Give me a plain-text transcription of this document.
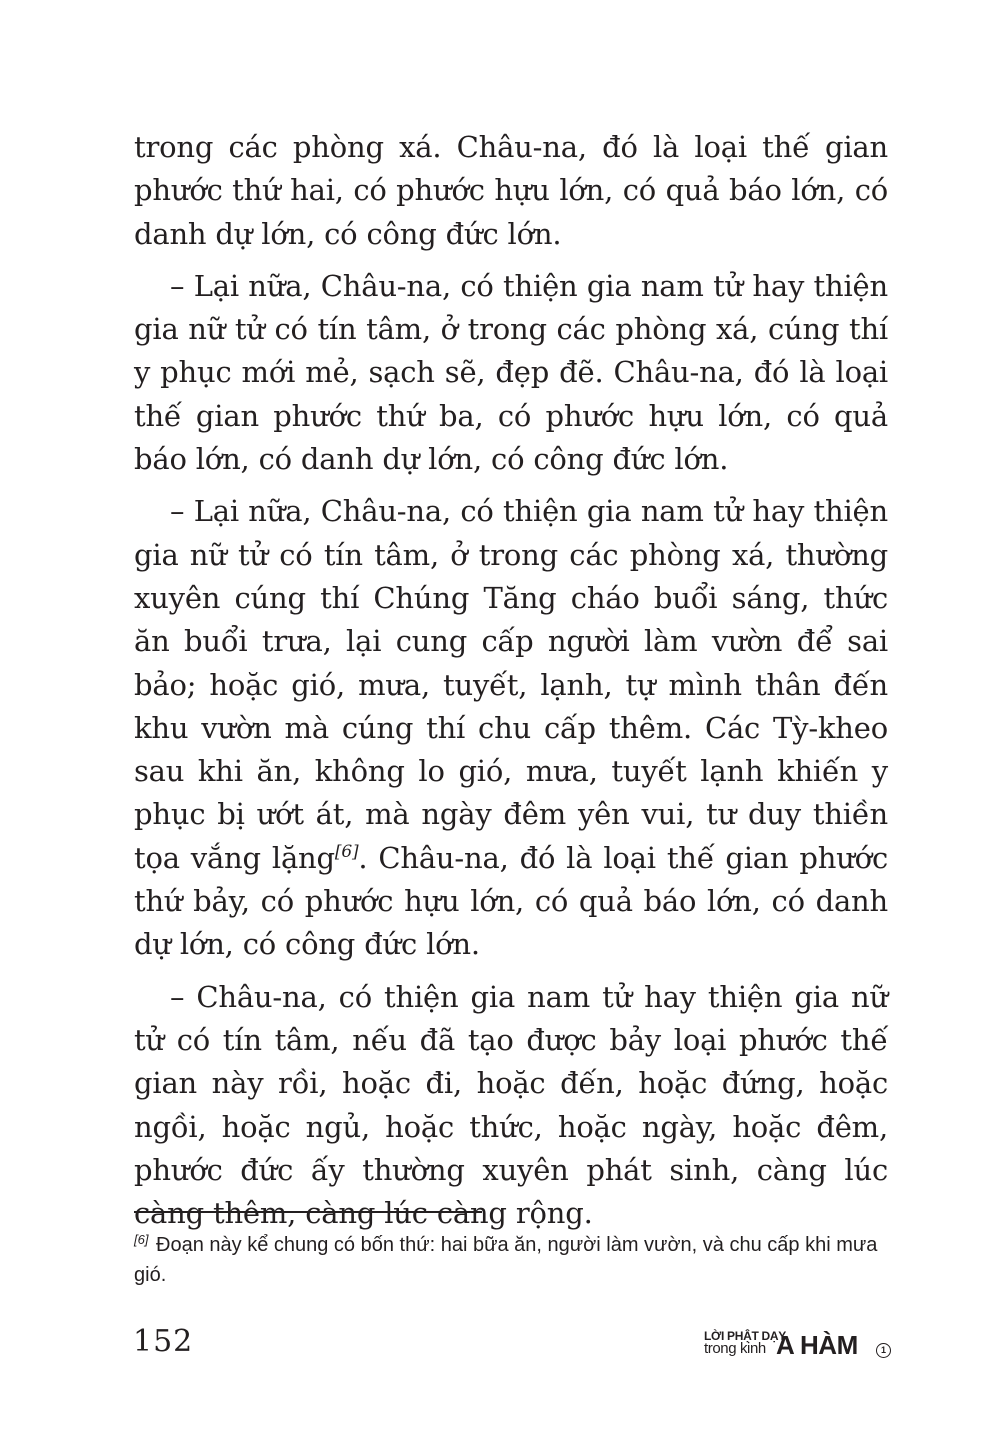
trong các phòng xá. Châu-na, đó là loại thế gian phước thứ hai, có phước hựu lớn, có quả báo lớn, có danh dự lớn, có công đức lớn.

– Lại nữa, Châu-na, có thiện gia nam tử hay thiện gia nữ tử có tín tâm, ở trong các phòng xá, cúng thí y phục mới mẻ, sạch sẽ, đẹp đẽ. Châu-na, đó là loại thế gian phước thứ ba, có phước hựu lớn, có quả báo lớn, có danh dự lớn, có công đức lớn.

– Lại nữa, Châu-na, có thiện gia nam tử hay thiện gia nữ tử có tín tâm, ở trong các phòng xá, thường xuyên cúng thí Chúng Tăng cháo buổi sáng, thức ăn buổi trưa, lại cung cấp người làm vườn để sai bảo; hoặc gió, mưa, tuyết, lạnh, tự mình thân đến khu vườn mà cúng thí chu cấp thêm. Các Tỳ-kheo sau khi ăn, không lo gió, mưa, tuyết lạnh khiến y phục bị ướt át, mà ngày đêm yên vui, tư duy thiền tọa vắng lặng[6]. Châu-na, đó là loại thế gian phước thứ bảy, có phước hựu lớn, có quả báo lớn, có danh dự lớn, có công đức lớn.

– Châu-na, có thiện gia nam tử hay thiện gia nữ tử có tín tâm, nếu đã tạo được bảy loại phước thế gian này rồi, hoặc đi, hoặc đến, hoặc đứng, hoặc ngồi, hoặc ngủ, hoặc thức, hoặc ngày, hoặc đêm, phước đức ấy thường xuyên phát sinh, càng lúc càng thêm, càng lúc càng rộng.

[6] Đoạn này kể chung có bốn thứ: hai bữa ăn, người làm vườn, và chu cấp khi mưa gió.
152	LỜI PHẬT DẠY
trong kinh A HÀM	1
